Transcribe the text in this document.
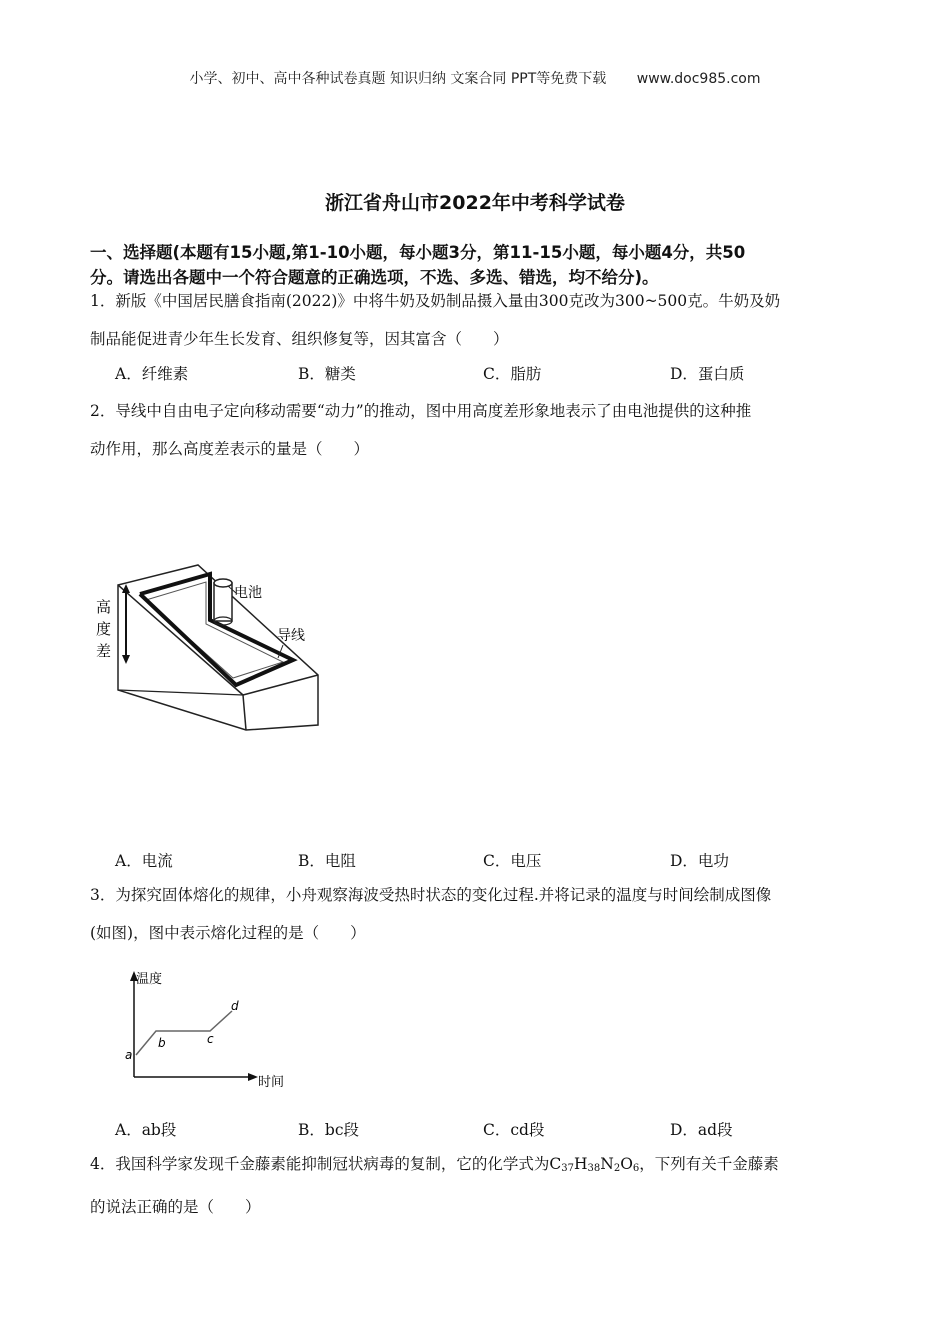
小学、初中、高中各种试卷真题 知识归纳 文案合同 PPT等免费下载 www.doc985.com
浙江省舟山市2022年中考科学试卷
一、选择题(本题有15小题,第1-10小题，每小题3分，第11-15小题，每小题4分，共50
分。请选出各题中一个符合题意的正确选项，不选、多选、错选，均不给分)。
1．新版《中国居民膳食指南(2022)》中将牛奶及奶制品摄入量由300克改为300~500克。牛奶及奶
制品能促进青少年生长发育、组织修复等，因其富含（　　）
A．纤维素	B．糖类	C．脂肪	D．蛋白质
2．导线中自由电子定向移动需要“动力”的推动，图中用高度差形象地表示了由电池提供的这种推
动作用，那么高度差表示的量是（　　）
电池
导线
高
度
差
A．电流	B．电阻	C．电压	D．电功
3．为探究固体熔化的规律，小舟观察海波受热时状态的变化过程.并将记录的温度与时间绘制成图像
(如图)，图中表示熔化过程的是（　　）
温度
时间
a
b	c
d
A．ab段	B．bc段	C．cd段	D．ad段
4．我国科学家发现千金藤素能抑制冠状病毒的复制，它的化学式为$C_{37}H_{38}N_2O_6$，下列有关千金藤素
的说法正确的是（　　）
